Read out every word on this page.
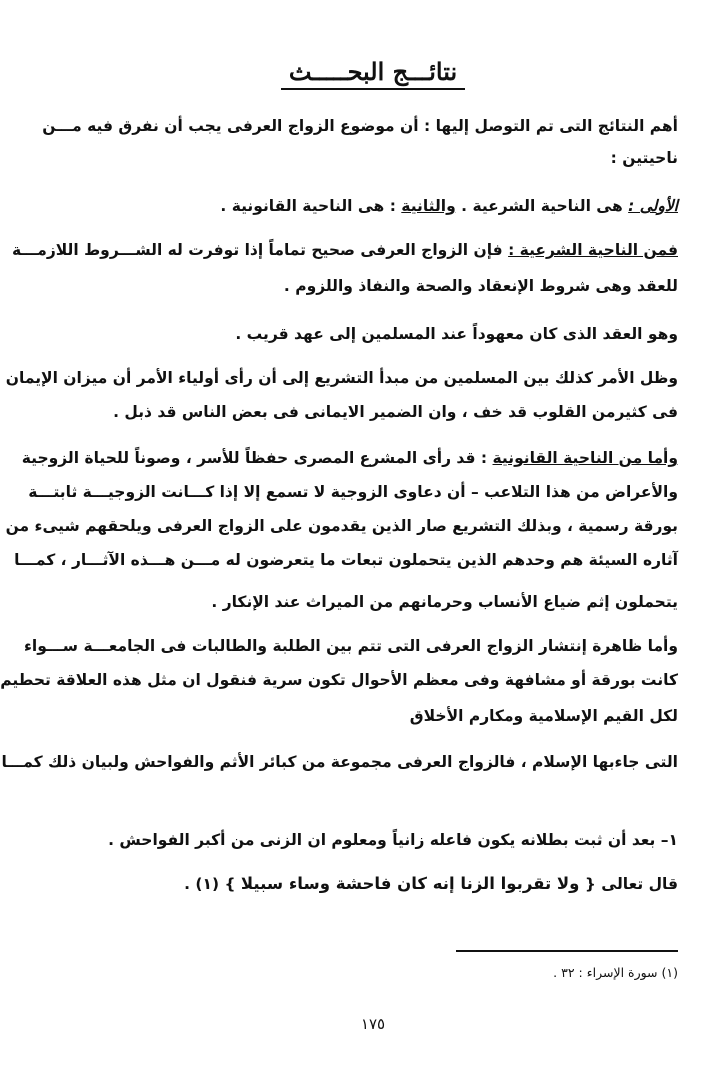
نتائـــج البحـــــث
أهم النتائج التى تم التوصل إليها : أن موضوع الزواج العرفى يجب أن نفرق فيه مـــن
ناحيتين :
الأولى : هى الناحية الشرعية . والثانية : هى الناحية القانونية .
فمن الناحية الشرعية : فإن الزواج العرفى صحيح تماماً إذا توفرت له الشـــروط اللازمـــة
للعقد وهى شروط الإنعقاد والصحة والنفاذ واللزوم .
وهو العقد الذى كان معهوداً عند المسلمين إلى عهد قريب .
وظل الأمر كذلك بين المسلمين من مبدأ التشريع إلى أن رأى أولياء الأمر أن ميزان الإيمان
فى كثيرمن القلوب قد خف ، وان الضمير الايمانى فى بعض الناس قد ذبل .
وأما من الناحية القانونية : قد رأى المشرع المصرى حفظاً للأسر ، وصوناً للحياة الزوجية
والأعراض من هذا التلاعب – أن دعاوى الزوجية لا تسمع إلا إذا كـــانت الزوجيـــة ثابتـــة
بورقة رسمية ، وبذلك التشريع صار الذين يقدمون على الزواج العرفى ويلحقهم شيىء من
آثاره السيئة هم وحدهم الذين يتحملون تبعات ما يتعرضون له مـــن هـــذه الآثـــار ، كمـــا
يتحملون إثم ضياع الأنساب وحرمانهم من الميراث عند الإنكار .
وأما ظاهرة إنتشار الزواج العرفى التى تتم بين الطلبة والطالبات فى الجامعـــة ســـواء
كانت بورقة أو مشافهة وفى معظم الأحوال تكون سرية فنقول ان مثل هذه العلاقة تحطيم
لكل القيم الإسلامية ومكارم الأخلاق
التى جاءبها الإسلام ، فالزواج العرفى مجموعة من كبائر الأثم والفواحش ولبيان ذلك كمـــا
١– بعد أن ثبت بطلانه يكون فاعله زانياً ومعلوم ان الزنى من أكبر الفواحش .
قال تعالى { ولا تقربوا الزنا إنه كان فاحشة وساء سبيلا } (١) .
(١) سورة الإسراء : ٣٢ .
١٧٥
